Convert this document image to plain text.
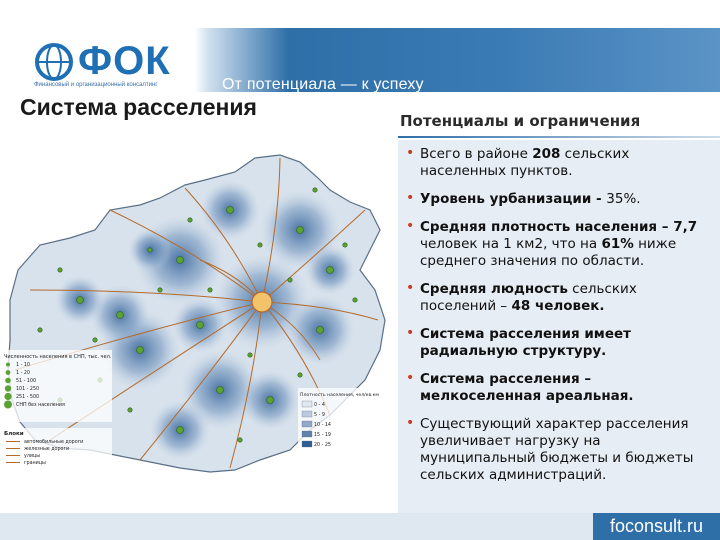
От потенциала — к успеху
ФОК
Финансовый и организационный консалтинг
Система расселения
Потенциалы и ограничения
• Всего в районе 208 сельских населенных пунктов.
• Уровень урбанизации - 35%.
• Средняя плотность населения – 7,7 человек на 1 км2, что на 61% ниже среднего значения по области.
• Средняя людность сельских поселений – 48 человек.
• Система расселения имеет радиальную структуру.
• Система расселения – мелкоселенная ареальная.
• Существующий характер расселения увеличивает нагрузку на муниципальный бюджеты и бюджеты сельских администраций.
Численность населения в СНП, тыс. чел.
1 - 10
1 - 20
51 - 100
101 - 250
251 - 500
СНП без населения
Блоки
автомобильные дороги
железные дороги
улицы
границы
Плотность населения, чел/кв.км
0 - 4
5 - 9
10 - 14
15 - 19
20 - 25
foconsult.ru
